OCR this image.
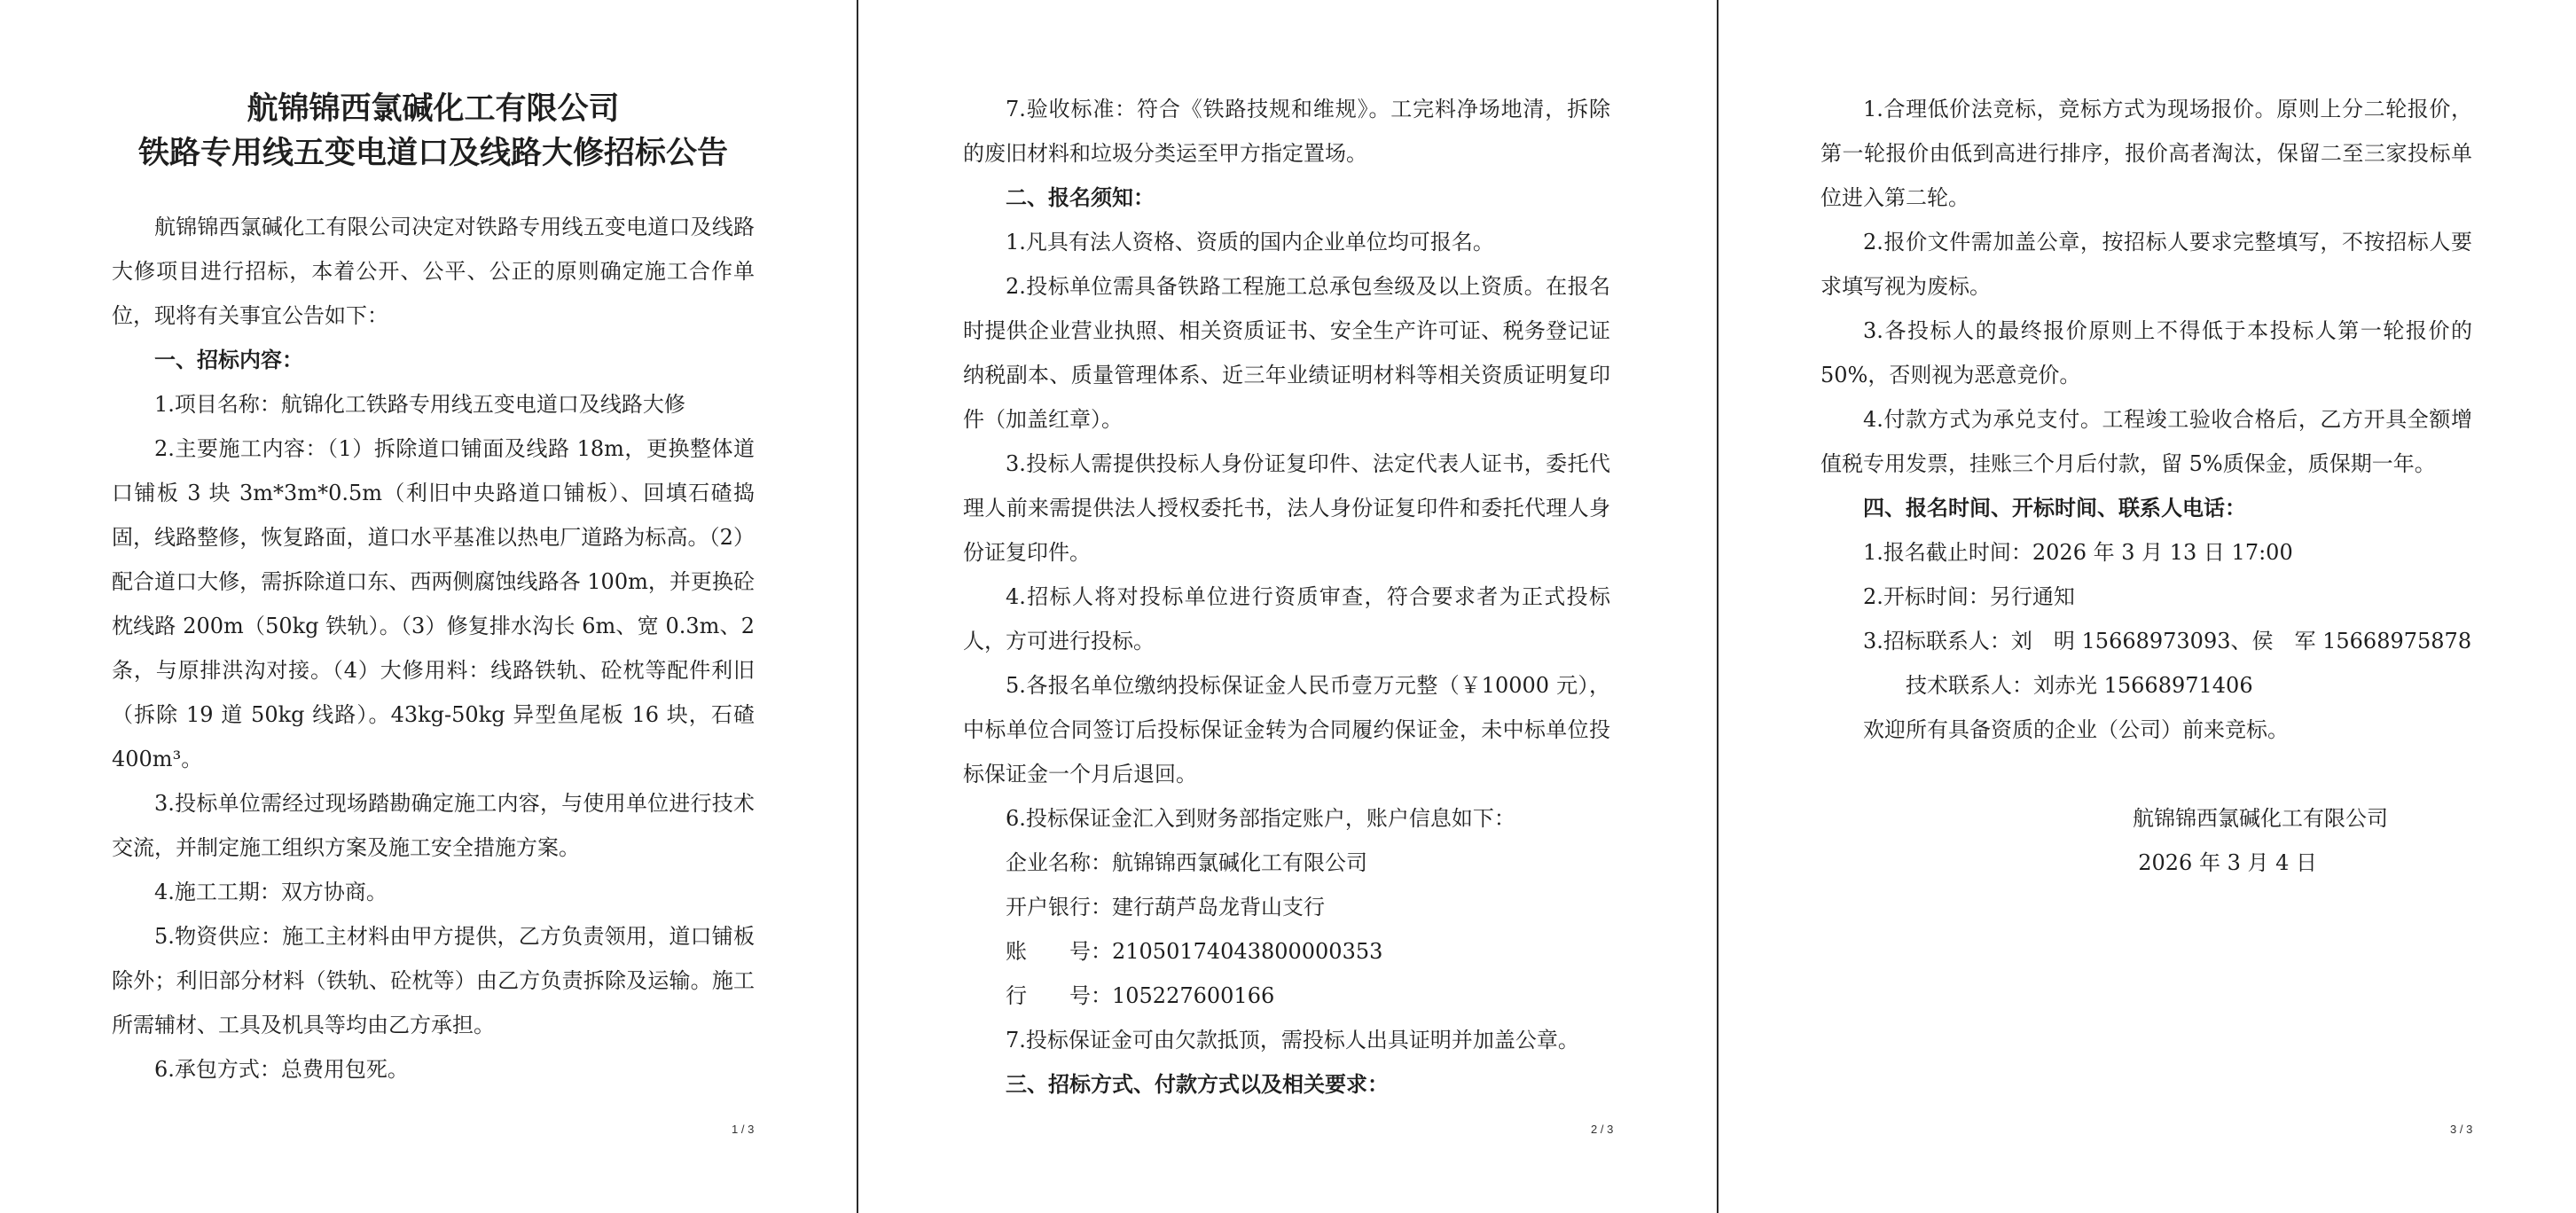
航锦锦西氯碱化工有限公司
铁路专用线五变电道口及线路大修招标公告

航锦锦西氯碱化工有限公司决定对铁路专用线五变电道口及线路大修项目进行招标，本着公开、公平、公正的原则确定施工合作单位，现将有关事宜公告如下：

一、招标内容：

1.项目名称：航锦化工铁路专用线五变电道口及线路大修

2.主要施工内容：（1）拆除道口铺面及线路 18m，更换整体道口铺板 3 块 3m*3m*0.5m（利旧中央路道口铺板）、回填石碴捣固，线路整修，恢复路面，道口水平基准以热电厂道路为标高。（2）配合道口大修，需拆除道口东、西两侧腐蚀线路各 100m，并更换砼枕线路 200m（50kg 铁轨）。（3）修复排水沟长 6m、宽 0.3m、2 条，与原排洪沟对接。（4）大修用料：线路铁轨、砼枕等配件利旧（拆除 19 道 50kg 线路）。43kg-50kg 异型鱼尾板 16 块，石碴 400m³。

3.投标单位需经过现场踏勘确定施工内容，与使用单位进行技术交流，并制定施工组织方案及施工安全措施方案。

4.施工工期：双方协商。

5.物资供应：施工主材料由甲方提供，乙方负责领用，道口铺板除外；利旧部分材料（铁轨、砼枕等）由乙方负责拆除及运输。施工所需辅材、工具及机具等均由乙方承担。

6.承包方式：总费用包死。

1 / 3

7.验收标准：符合《铁路技规和维规》。工完料净场地清，拆除的废旧材料和垃圾分类运至甲方指定置场。

二、报名须知：

1.凡具有法人资格、资质的国内企业单位均可报名。

2.投标单位需具备铁路工程施工总承包叁级及以上资质。在报名时提供企业营业执照、相关资质证书、安全生产许可证、税务登记证纳税副本、质量管理体系、近三年业绩证明材料等相关资质证明复印件（加盖红章）。

3.投标人需提供投标人身份证复印件、法定代表人证书，委托代理人前来需提供法人授权委托书，法人身份证复印件和委托代理人身份证复印件。

4.招标人将对投标单位进行资质审查，符合要求者为正式投标人，方可进行投标。

5.各报名单位缴纳投标保证金人民币壹万元整（￥10000 元），中标单位合同签订后投标保证金转为合同履约保证金，未中标单位投标保证金一个月后退回。

6.投标保证金汇入到财务部指定账户，账户信息如下：

企业名称：航锦锦西氯碱化工有限公司

开户银行：建行葫芦岛龙背山支行

账　　号：21050174043800000353

行　　号：105227600166

7.投标保证金可由欠款抵顶，需投标人出具证明并加盖公章。

三、招标方式、付款方式以及相关要求：

2 / 3

1.合理低价法竞标，竞标方式为现场报价。原则上分二轮报价，第一轮报价由低到高进行排序，报价高者淘汰，保留二至三家投标单位进入第二轮。

2.报价文件需加盖公章，按招标人要求完整填写，不按招标人要求填写视为废标。

3.各投标人的最终报价原则上不得低于本投标人第一轮报价的 50%，否则视为恶意竞价。

4.付款方式为承兑支付。工程竣工验收合格后，乙方开具全额增值税专用发票，挂账三个月后付款，留 5%质保金，质保期一年。

四、报名时间、开标时间、联系人电话：

1.报名截止时间：2026 年 3 月 13 日 17:00

2.开标时间：另行通知

3.招标联系人：刘　明 15668973093、侯　军 15668975878

技术联系人：刘赤光 15668971406

欢迎所有具备资质的企业（公司）前来竞标。

航锦锦西氯碱化工有限公司

2026 年 3 月 4 日

3 / 3
